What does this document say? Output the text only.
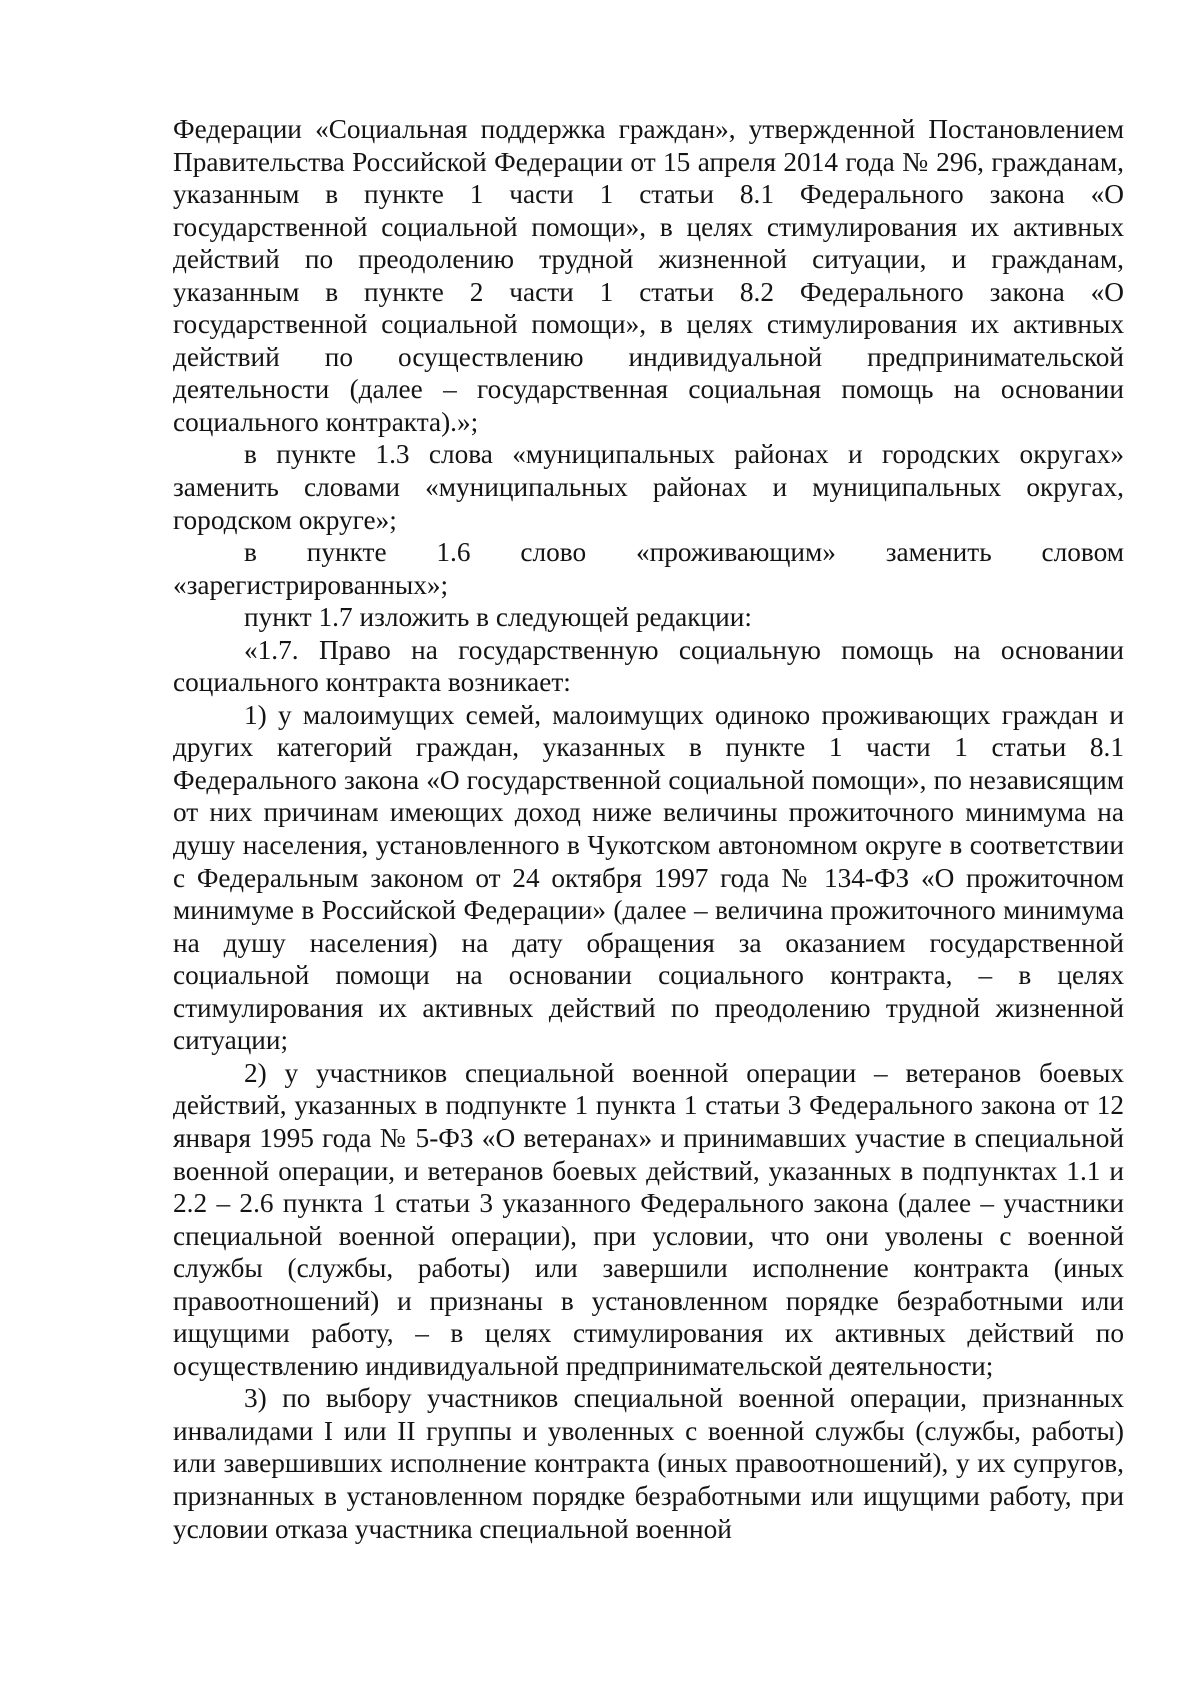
Федерации «Социальная поддержка граждан», утвержденной Постановлением Правительства Российской Федерации от 15 апреля 2014 года № 296, гражданам, указанным в пункте 1 части 1 статьи 8.1 Федерального закона «О государственной социальной помощи», в целях стимулирования их активных действий по преодолению трудной жизненной ситуации, и гражданам, указанным в пункте 2 части 1 статьи 8.2 Федерального закона «О государственной социальной помощи», в целях стимулирования их активных действий по осуществлению индивидуальной предпринимательской деятельности (далее – государственная социальная помощь на основании социального контракта).»;

в пункте 1.3 слова «муниципальных районах и городских округах» заменить словами «муниципальных районах и муниципальных округах, городском округе»;

в пункте 1.6 слово «проживающим» заменить словом «зарегистрированных»;

пункт 1.7 изложить в следующей редакции:

«1.7. Право на государственную социальную помощь на основании социального контракта возникает:

1) у малоимущих семей, малоимущих одиноко проживающих граждан и других категорий граждан, указанных в пункте 1 части 1 статьи 8.1 Федерального закона «О государственной социальной помощи», по независящим от них причинам имеющих доход ниже величины прожиточного минимума на душу населения, установленного в Чукотском автономном округе в соответствии с Федеральным законом от 24 октября 1997 года № 134-ФЗ «О прожиточном минимуме в Российской Федерации» (далее – величина прожиточного минимума на душу населения) на дату обращения за оказанием государственной социальной помощи на основании социального контракта, – в целях стимулирования их активных действий по преодолению трудной жизненной ситуации;

2) у участников специальной военной операции – ветеранов боевых действий, указанных в подпункте 1 пункта 1 статьи 3 Федерального закона от 12 января 1995 года № 5-ФЗ «О ветеранах» и принимавших участие в специальной военной операции, и ветеранов боевых действий, указанных в подпунктах 1.1 и 2.2 – 2.6 пункта 1 статьи 3 указанного Федерального закона (далее – участники специальной военной операции), при условии, что они уволены с военной службы (службы, работы) или завершили исполнение контракта (иных правоотношений) и признаны в установленном порядке безработными или ищущими работу, – в целях стимулирования их активных действий по осуществлению индивидуальной предпринимательской деятельности;

3) по выбору участников специальной военной операции, признанных инвалидами I или II группы и уволенных с военной службы (службы, работы) или завершивших исполнение контракта (иных правоотношений), у их супругов, признанных в установленном порядке безработными или ищущими работу, при условии отказа участника специальной военной
